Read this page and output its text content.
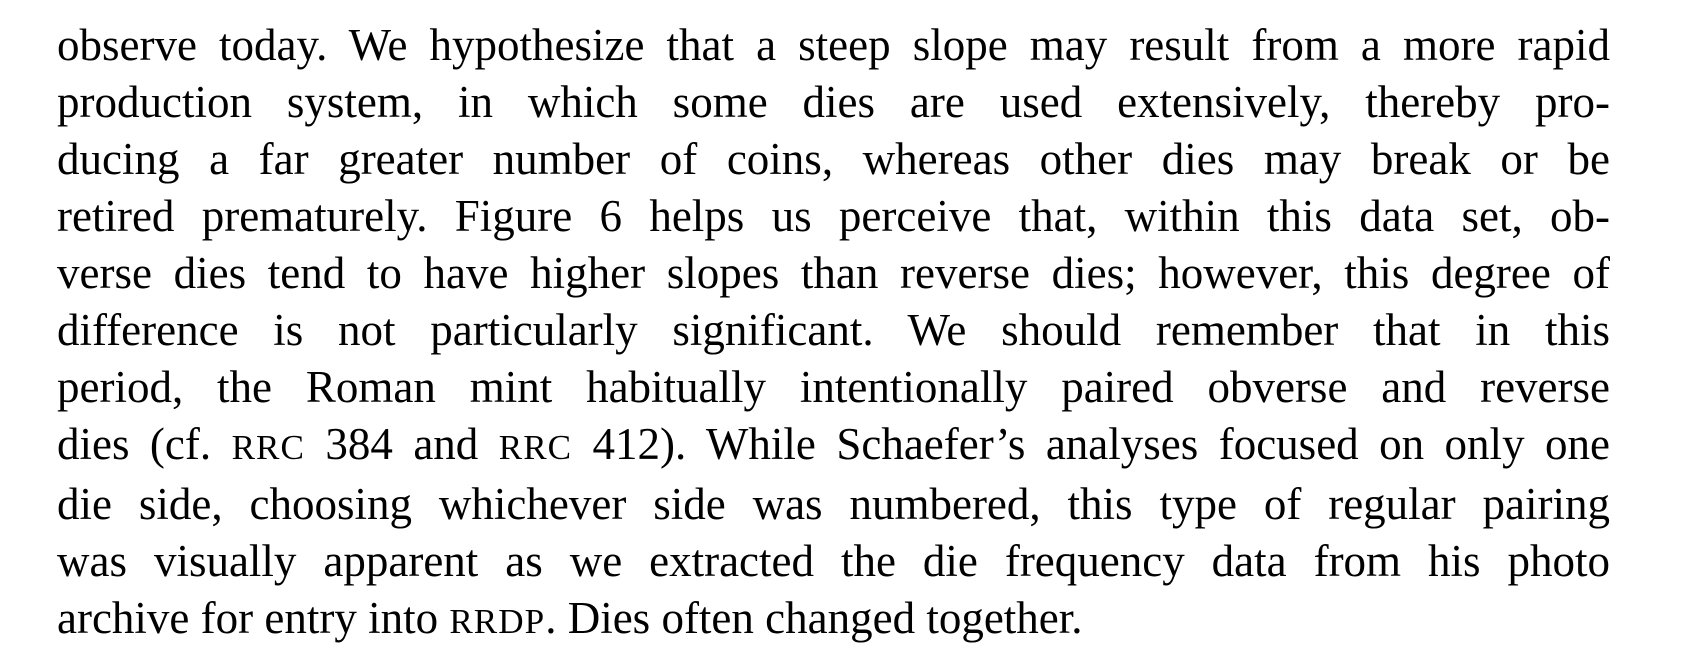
observe today. We hypothesize that a steep slope may result from a more rapid
production system, in which some dies are used extensively, thereby pro-
ducing a far greater number of coins, whereas other dies may break or be
retired prematurely. Figure 6 helps us perceive that, within this data set, ob-
verse dies tend to have higher slopes than reverse dies; however, this degree of
difference is not particularly significant. We should remember that in this
period, the Roman mint habitually intentionally paired obverse and reverse
dies (cf. RRC 384 and RRC 412). While Schaefer’s analyses focused on only one
die side, choosing whichever side was numbered, this type of regular pairing
was visually apparent as we extracted the die frequency data from his photo
archive for entry into RRDP. Dies often changed together.
